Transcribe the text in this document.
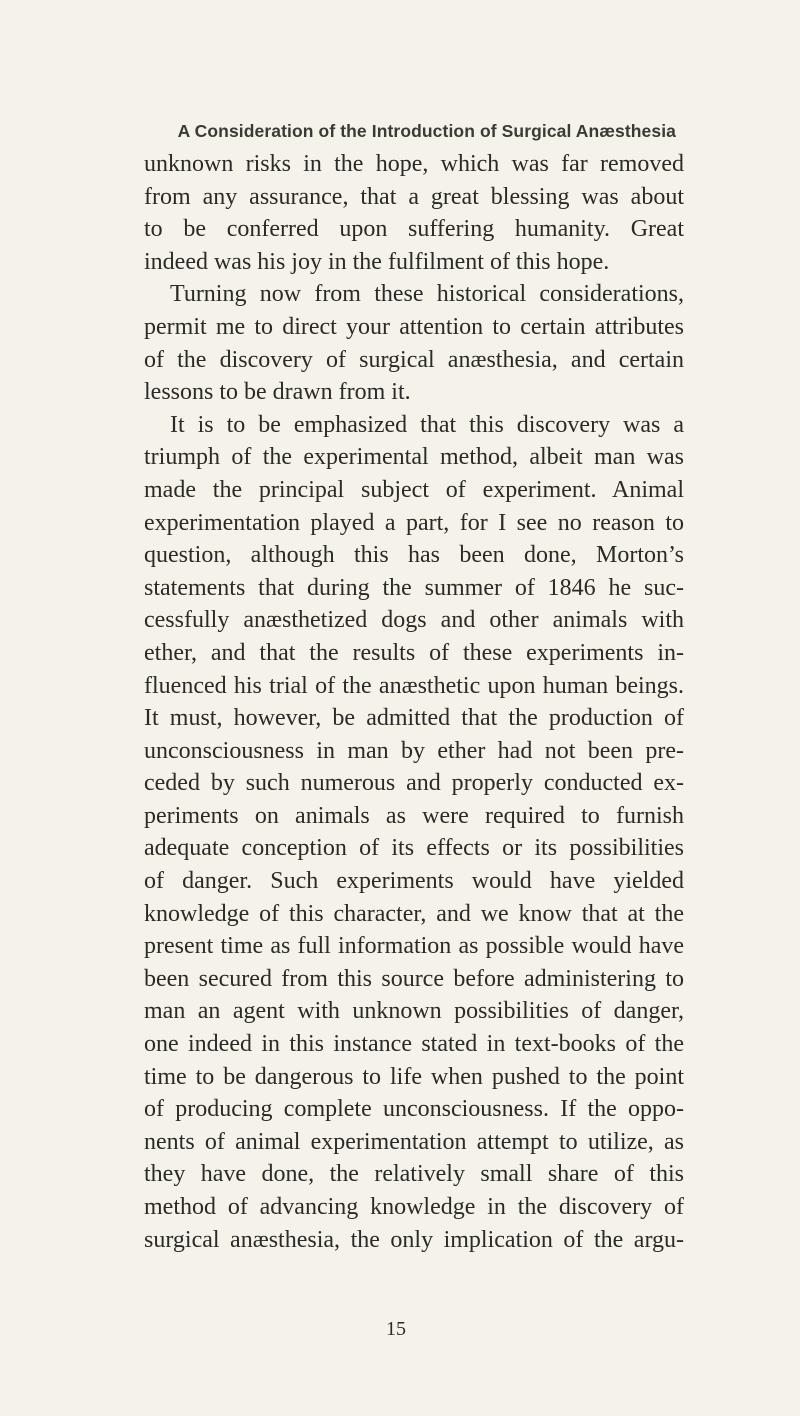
A Consideration of the Introduction of Surgical Anæsthesia
unknown risks in the hope, which was far removed
from any assurance, that a great blessing was about
to be conferred upon suffering humanity. Great
indeed was his joy in the fulfilment of this hope.
Turning now from these historical considerations,
permit me to direct your attention to certain attributes
of the discovery of surgical anæsthesia, and certain
lessons to be drawn from it.
It is to be emphasized that this discovery was a
triumph of the experimental method, albeit man was
made the principal subject of experiment. Animal
experimentation played a part, for I see no reason to
question, although this has been done, Morton’s
statements that during the summer of 1846 he suc-
cessfully anæsthetized dogs and other animals with
ether, and that the results of these experiments in-
fluenced his trial of the anæsthetic upon human beings.
It must, however, be admitted that the production of
unconsciousness in man by ether had not been pre-
ceded by such numerous and properly conducted ex-
periments on animals as were required to furnish
adequate conception of its effects or its possibilities
of danger. Such experiments would have yielded
knowledge of this character, and we know that at the
present time as full information as possible would have
been secured from this source before administering to
man an agent with unknown possibilities of danger,
one indeed in this instance stated in text-books of the
time to be dangerous to life when pushed to the point
of producing complete unconsciousness. If the oppo-
nents of animal experimentation attempt to utilize, as
they have done, the relatively small share of this
method of advancing knowledge in the discovery of
surgical anæsthesia, the only implication of the argu-
15
